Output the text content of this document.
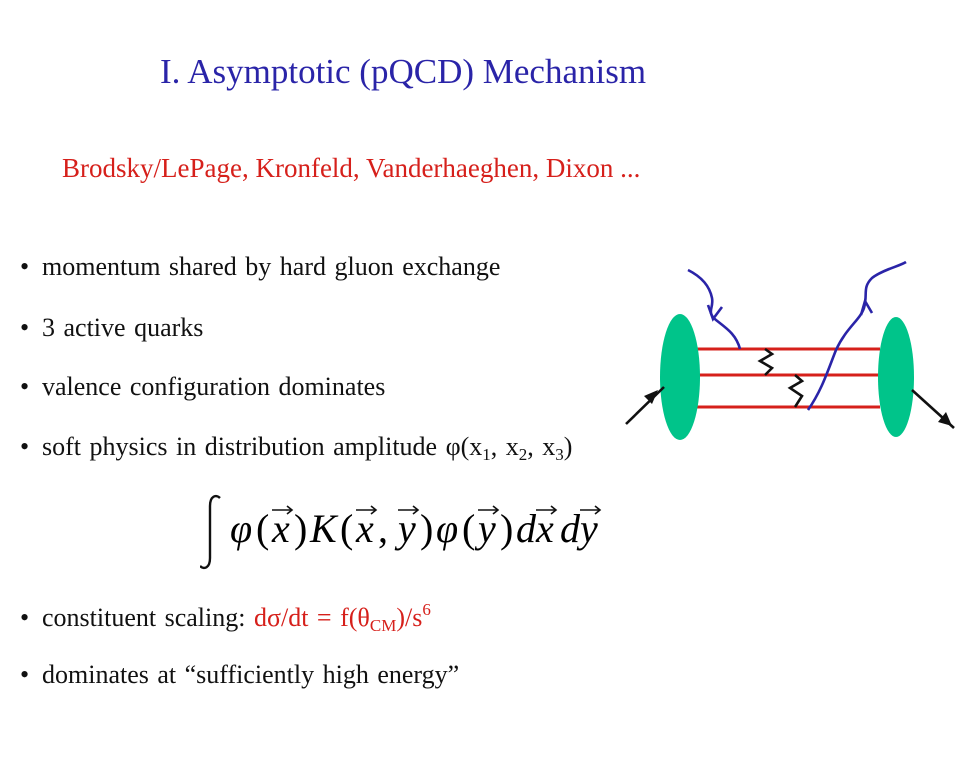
I. Asymptotic (pQCD) Mechanism
Brodsky/LePage, Kronfeld, Vanderhaeghen, Dixon ...
• momentum shared by hard gluon exchange
• 3 active quarks
• valence configuration dominates
• soft physics in distribution amplitude $\varphi(x_1$, $x_2$, $x_3$)
φ ( x ) K ( x , y ) φ ( y ) dx dy
• constituent scaling: $d\sigma/dt = f(\theta_{CM})/s^6$
• dominates at “sufficiently high energy”
